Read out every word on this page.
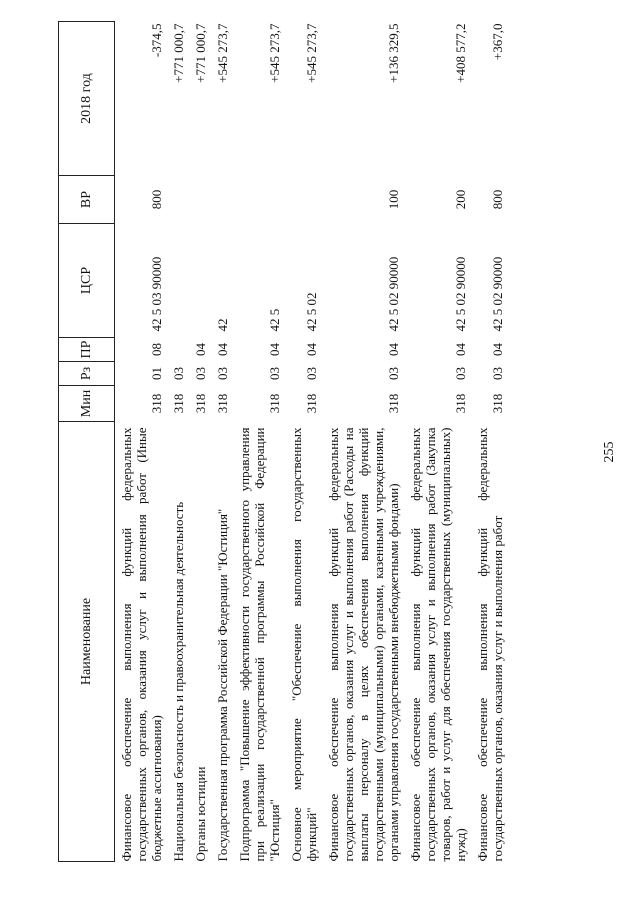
255
Наименование	Мин	Рз	ПР	ЦСР	ВР	2018 год
Финансовое обеспечение выполнения функций федеральных государственных органов, оказания услуг и выполнения работ (Иные бюджетные ассигнования)	318	01	08	42 5 03 90000	800	-374,5
Национальная безопасность и правоохранительная деятельность	318	03				+771 000,7
Органы юстиции	318	03	04			+771 000,7
Государственная программа Российской Федерации "Юстиция"	318	03	04	42		+545 273,7
Подпрограмма "Повышение эффективности государственного управления при реализации государственной программы Российской Федерации "Юстиция"	318	03	04	42 5		+545 273,7
Основное мероприятие "Обеспечение выполнения государственных функций"	318	03	04	42 5 02		+545 273,7
Финансовое обеспечение выполнения функций федеральных государственных органов, оказания услуг и выполнения работ (Расходы на выплаты персоналу в целях обеспечения выполнения функций государственными (муниципальными) органами, казенными учреждениями, органами управления государственными внебюджетными фондами)	318	03	04	42 5 02 90000	100	+136 329,5
Финансовое обеспечение выполнения функций федеральных государственных органов, оказания услуг и выполнения работ (Закупка товаров, работ и услуг для обеспечения государственных (муниципальных) нужд)	318	03	04	42 5 02 90000	200	+408 577,2
Финансовое обеспечение выполнения функций федеральных государственных органов, оказания услуг и выполнения работ	318	03	04	42 5 02 90000	800	+367,0
